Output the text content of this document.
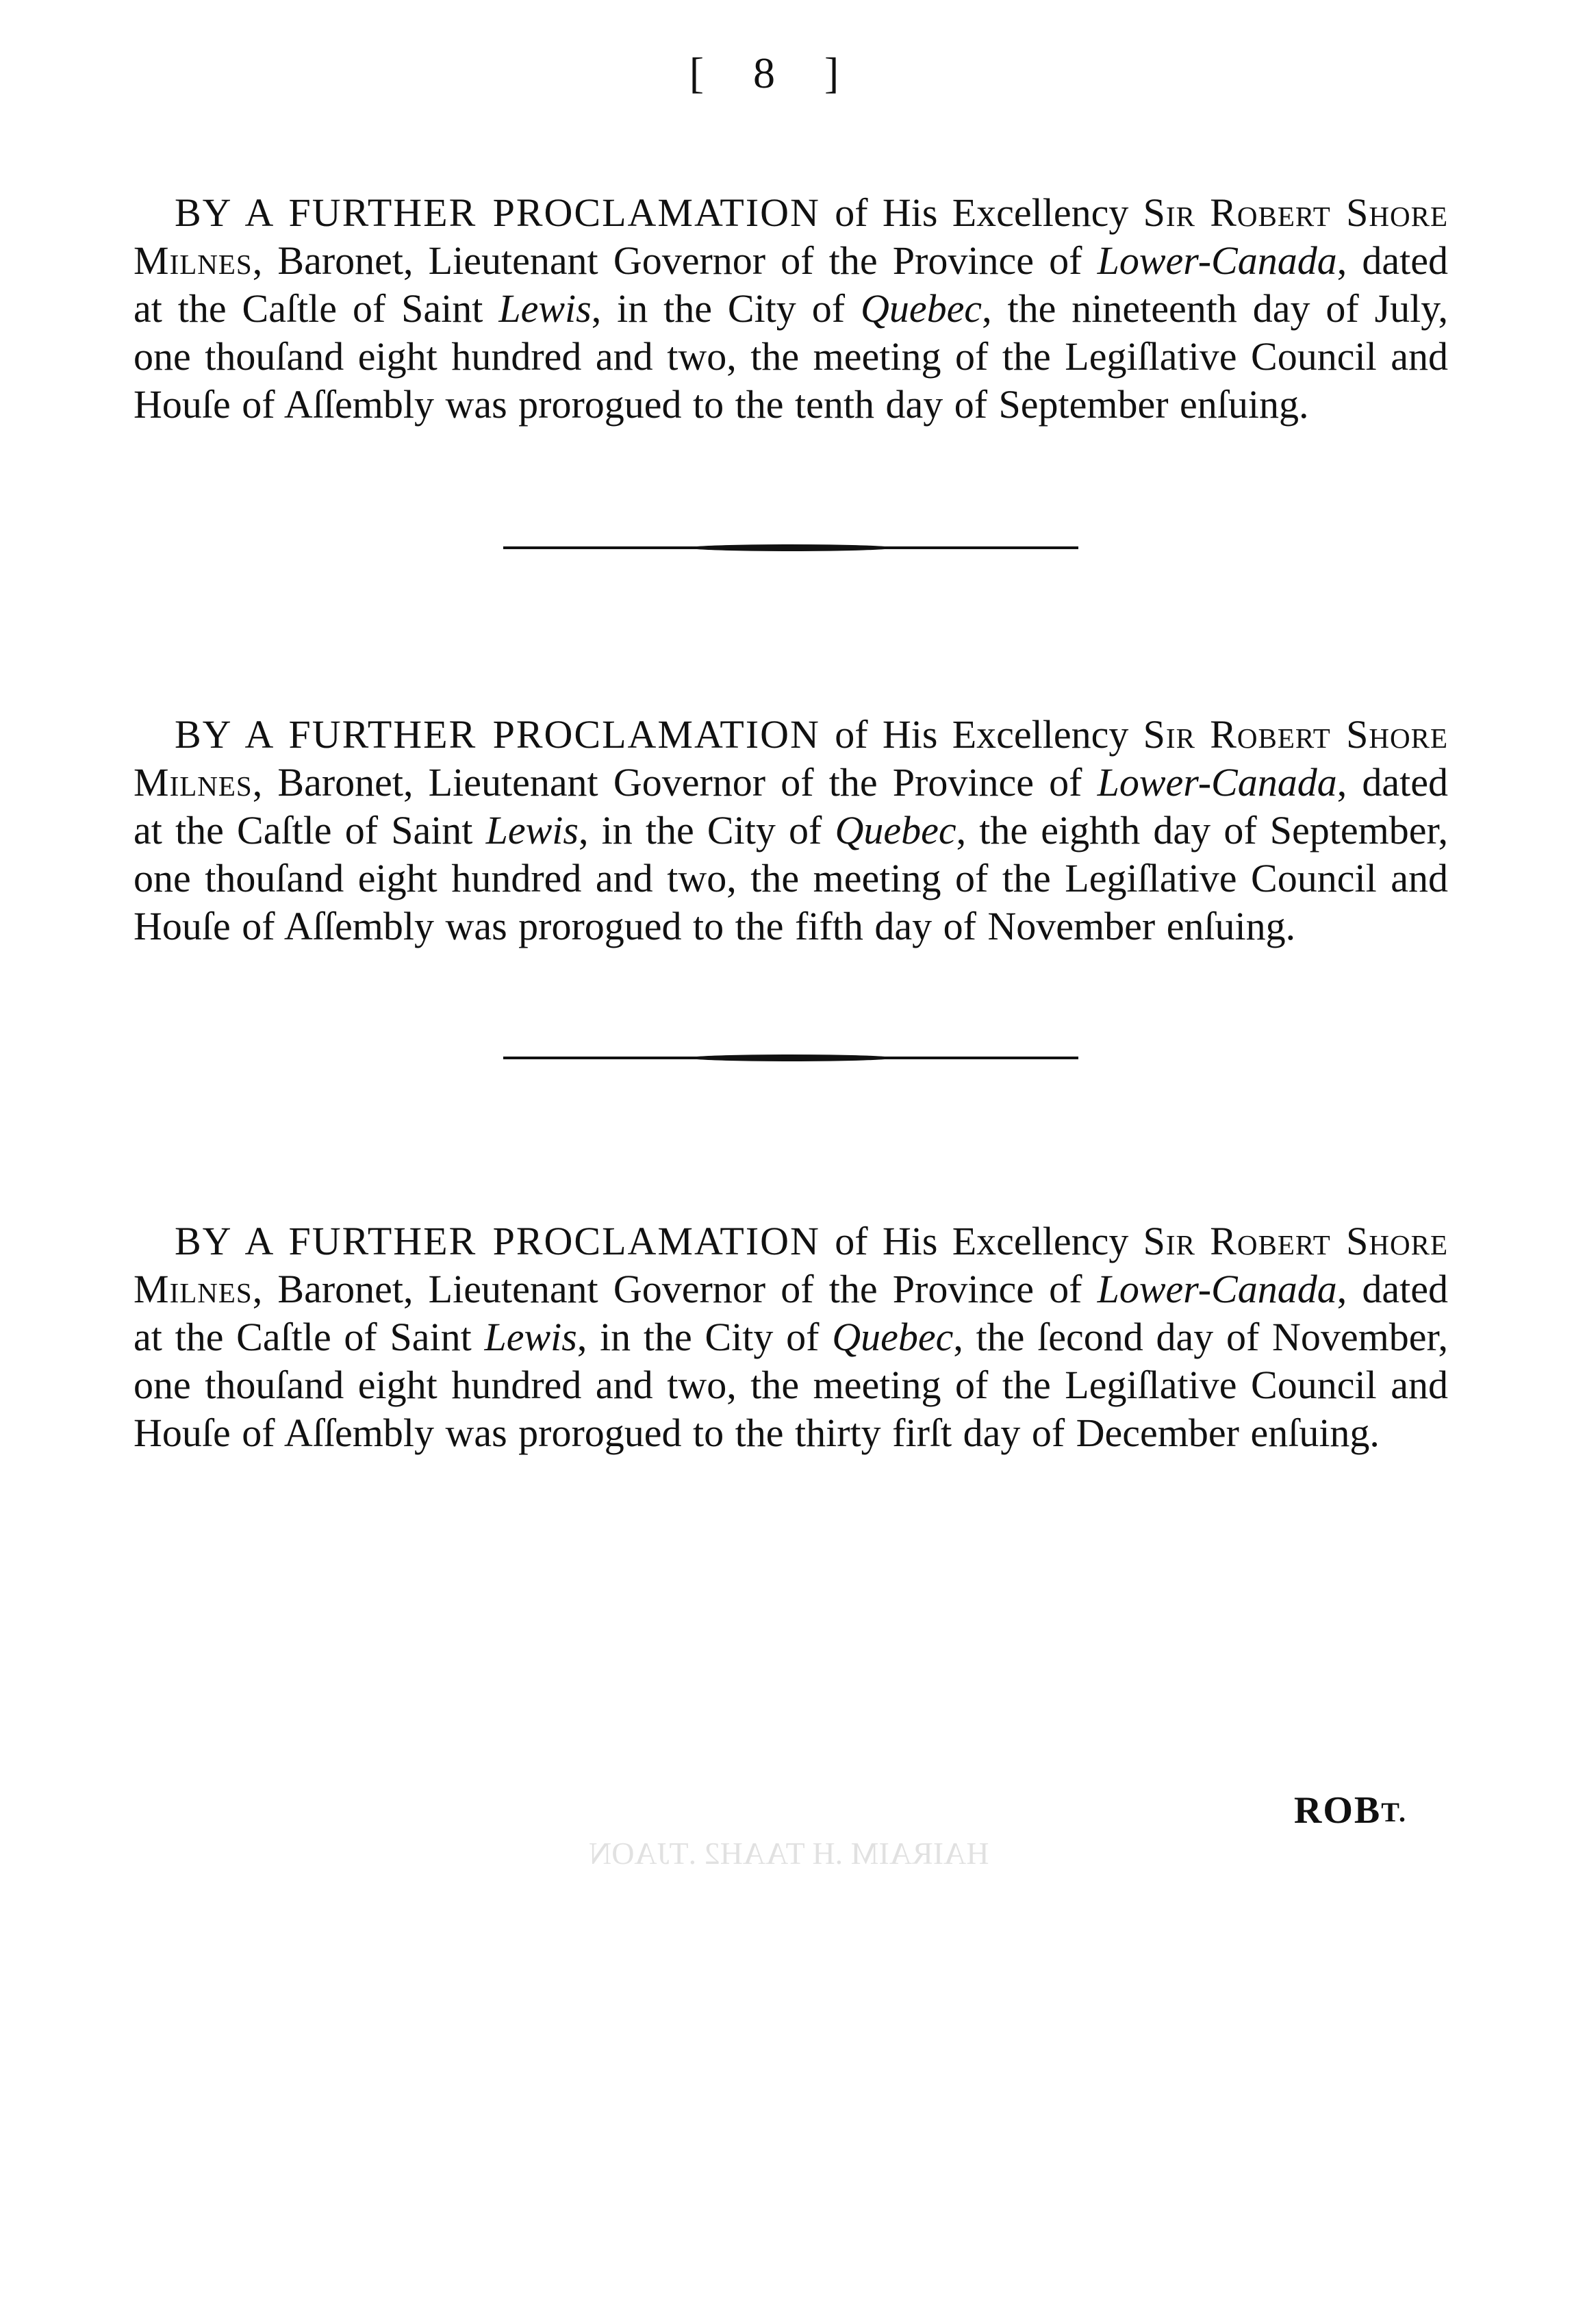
[ 8 ]

BY A FURTHER PROCLAMATION of His Excellency Sir Robert Shore Milnes, Baronet, Lieutenant Governor of the Province of Lower-Canada, dated at the Caſtle of Saint Lewis, in the City of Quebec, the nineteenth day of July, one thouſand eight hundred and two, the meeting of the Legiſlative Council and Houſe of Aſſembly was prorogued to the tenth day of September enſuing.

BY A FURTHER PROCLAMATION of His Excellency Sir Robert Shore Milnes, Baronet, Lieutenant Governor of the Province of Lower-Canada, dated at the Caſtle of Saint Lewis, in the City of Quebec, the eighth day of September, one thouſand eight hundred and two, the meeting of the Legiſlative Council and Houſe of Aſſembly was prorogued to the fifth day of November enſuing.

BY A FURTHER PROCLAMATION of His Excellency Sir Robert Shore Milnes, Baronet, Lieutenant Governor of the Province of Lower-Canada, dated at the Caſtle of Saint Lewis, in the City of Quebec, the ſecond day of November, one thouſand eight hundred and two, the meeting of the Legiſlative Council and Houſe of Aſſembly was prorogued to the thirty firſt day of December enſuing.

HAIRAIM .H TAAH2 .TJAON
$ROB^{T.}$
